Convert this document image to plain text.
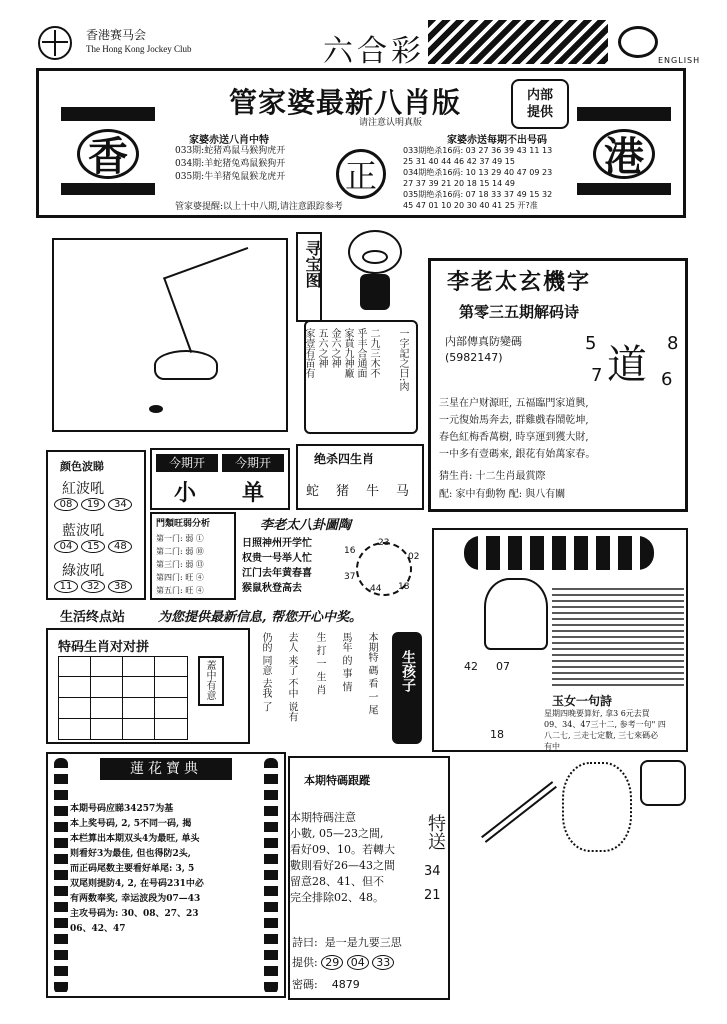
香港赛马会
The Hong Kong Jockey Club	六合彩	ENGLISH
香
管家婆最新八肖版
请注意认明真版
内部提供
港
家婆赤送八肖中特
033期:蛇猪鸡鼠马猴狗虎开
034期:羊蛇猪兔鸡鼠猴狗开
035期:牛羊猪兔鼠猴龙虎开	正
家婆赤送每期不出号码
033期绝杀16码: 03 27 36 39 43 11 13
25 31 40 44 46 42 37 49 15
034期绝杀16码: 10 13 29 40 47 09 23
27 37 39 21 20 18 15 14 49
035期绝杀16码: 07 18 33 37 49 15 32
45 47 01 10 20 30 40 41 25 开?准
管家婆提醒:以上十中八期,请注意跟踪参考
寻宝图
二九三木不
乎丰合通面
家賁九神廠
金六之神
五六之神
家壹有苗有	一字記之曰:肉
李老太玄機字
第零三五期解码诗
内部傳真防變碼
(5982147)	道
5	8
7	6
三星在户财源旺, 五福臨門家道興,
一元復始馬奔去, 群雞戲春鬧乾坤,
春色紅梅香萬樹, 時享運到獲大財,
一中多有壹碼來, 銀花有始萬家春。
猜生肖: 十二生肖最賞際
配: 家中有動物 配: 與八有關
颜色波睇
紅波吼
08 19 34
藍波吼
04 15 48
綠波吼
11 32 38
今期开	今期开
小 单
绝杀四生肖
蛇 猪 牛 马
門類旺弱分析
第一门: 弱 ①
第二门: 弱 ⑩
第三门: 弱 ⑬
第四门: 旺 ④
第五门: 旺 ④
李老太八卦圖陶
日照神州开学忙
权贵一号举人忙
江门去年黄春喜
猴鼠秋登高去
16
23
02
37
44 18
42 07
18
玉女一句詩
星期四晚要算好, 拿3 6元去買
09、34、47三十二, 参考一句" 四
八二七, 三走七定數, 三七來碼必
有中
生活终点站	为您提供最新信息, 帮您开心中奖。
特码生肖对对拼
蓋中有意	仍的 同意 去我 了 去人 来了 不中 说有 生 打 一 生 肖 馬年 的 事 情 本期特 碼 看 一 尾	生孩子
蓮花寶典
本期号码应睇34257为基
本上奖号码, 2, 5不同一码, 揭
本栏算出本期双头4为最旺, 单头
则看好3为最佳, 但也得防2头,
而正码尾数主要看好单尾: 3, 5
双尾则提防4, 2, 在号码231中必
有两数奉奖, 幸运波段为07—43
主攻号码为: 30、08、27、23
06、42、47
本期特碼跟蹤
本期特碼注意
小數, 05—23之間,
看好09、10。若轉大
數則看好26—43之間
留意28、41、但不
完全排除02、48。
特送
34
21
詩曰: 是一是九要三思
提供: 29 04 33
密碼: 4879
